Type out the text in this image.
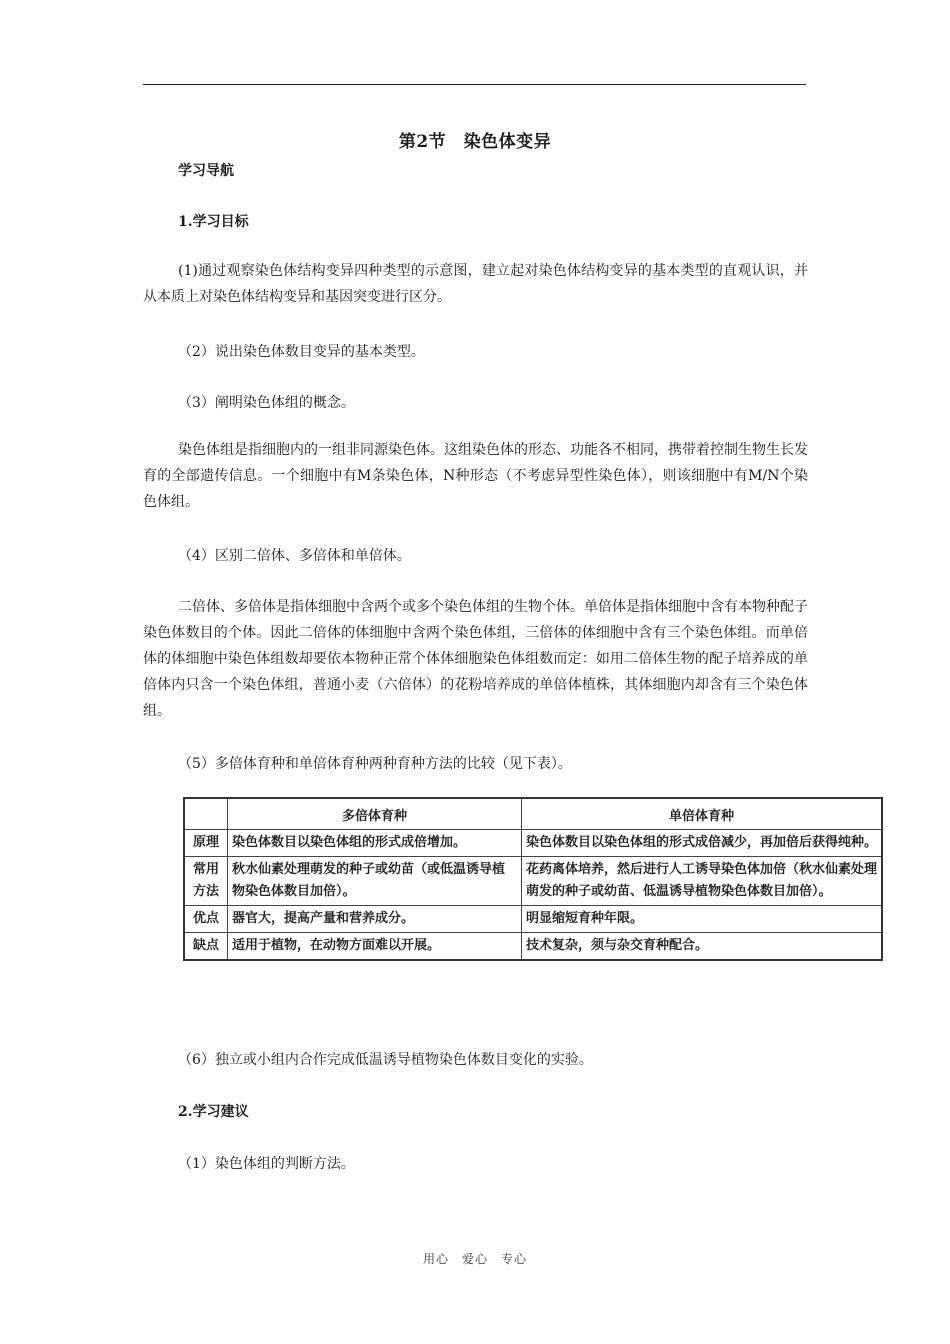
第2节　染色体变异
学习导航
1.学习目标
(1)通过观察染色体结构变异四种类型的示意图，建立起对染色体结构变异的基本类型的直观认识，并从本质上对染色体结构变异和基因突变进行区分。
（2）说出染色体数目变异的基本类型。
（3）阐明染色体组的概念。
染色体组是指细胞内的一组非同源染色体。这组染色体的形态、功能各不相同，携带着控制生物生长发育的全部遗传信息。一个细胞中有M条染色体，N种形态（不考虑异型性染色体），则该细胞中有M/N个染色体组。
（4）区别二倍体、多倍体和单倍体。
二倍体、多倍体是指体细胞中含两个或多个染色体组的生物个体。单倍体是指体细胞中含有本物种配子染色体数目的个体。因此二倍体的体细胞中含两个染色体组，三倍体的体细胞中含有三个染色体组。而单倍体的体细胞中染色体组数却要依本物种正常个体体细胞染色体组数而定：如用二倍体生物的配子培养成的单倍体内只含一个染色体组，普通小麦（六倍体）的花粉培养成的单倍体植株，其体细胞内却含有三个染色体组。
（5）多倍体育种和单倍体育种两种育种方法的比较（见下表）。
	多倍体育种	单倍体育种
原理	染色体数目以染色体组的形式成倍增加。	染色体数目以染色体组的形式成倍减少，再加倍后获得纯种。
常用方法	秋水仙素处理萌发的种子或幼苗（或低温诱导植物染色体数目加倍）。	花药离体培养，然后进行人工诱导染色体加倍（秋水仙素处理萌发的种子或幼苗、低温诱导植物染色体数目加倍）。
优点	器官大，提高产量和营养成分。	明显缩短育种年限。
缺点	适用于植物，在动物方面难以开展。	技术复杂，须与杂交育种配合。
（6）独立或小组内合作完成低温诱导植物染色体数目变化的实验。
2.学习建议
（1）染色体组的判断方法。
用心　爱心　专心
